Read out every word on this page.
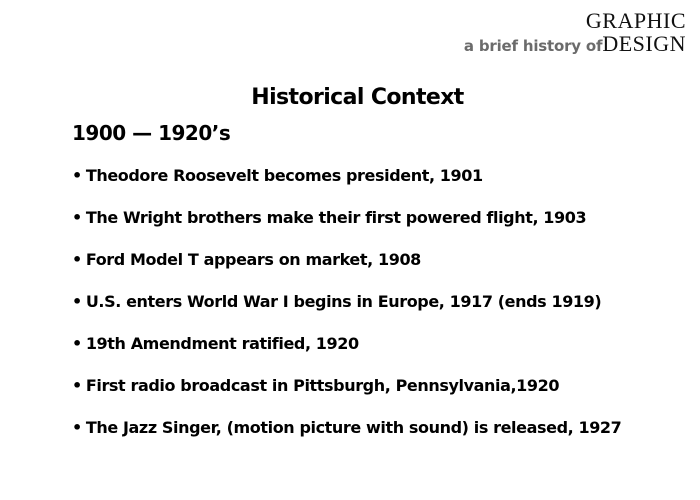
GRAPHIC
a brief history ofDESIGN
Historical Context
1900 — 1920’s
• Theodore Roosevelt becomes president, 1901
• The Wright brothers make their first powered flight, 1903
• Ford Model T appears on market, 1908
• U.S. enters World War I begins in Europe, 1917 (ends 1919)
• 19th Amendment ratified, 1920
• First radio broadcast in Pittsburgh, Pennsylvania,1920
• The Jazz Singer, (motion picture with sound) is released, 1927
